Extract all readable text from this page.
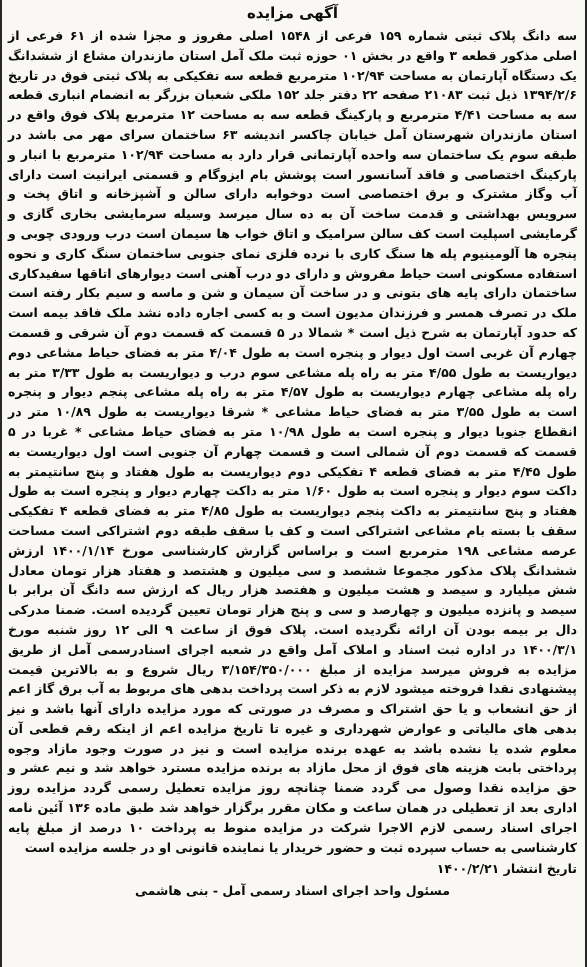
آگهی مزایده

سه دانگ پلاک ثبتی شماره ۱۵۹ فرعی از ۱۵۴۸ اصلی مفروز و مجزا شده از ۶۱ فرعی از اصلی مذکور قطعه ۳ واقع در بخش ۰۱ حوزه ثبت ملک آمل استان مازندران مشاع از ششدانگ یک دستگاه آپارتمان به مساحت ۱۰۲/۹۴ مترمربع قطعه سه تفکیکی به پلاک ثبتی فوق در تاریخ ۱۳۹۴/۲/۶ ذیل ثبت ۲۱۰۸۳ صفحه ۲۲ دفتر جلد ۱۵۲ ملکی شعبان بزرگر به انضمام انباری قطعه سه به مساحت ۴/۴۱ مترمربع و پارکینگ قطعه سه به مساحت ۱۲ مترمربع پلاک فوق واقع در استان مازندران شهرستان آمل خیابان چاکسر اندیشه ۶۳ ساختمان سرای مهر می باشد در طبقه سوم یک ساختمان سه واحده آپارتمانی قرار دارد به مساحت ۱۰۲/۹۴ مترمربع با انبار و پارکینگ اختصاصی و فاقد آسانسور است پوشش بام ایزوگام و قسمتی ایرانیت است دارای آب وگاز مشترک و برق اختصاصی است دوخوابه دارای سالن و آشپزخانه و اتاق پخت و سرویس بهداشتی و قدمت ساخت آن به ده سال میرسد وسیله سرمایشی بخاری گازی و گرمایشی اسپلیت است کف سالن سرامیک و اتاق خواب ها سیمان است درب ورودی چوبی و پنجره ها آلومینیوم پله ها سنگ کاری با نرده فلزی نمای جنوبی ساختمان سنگ کاری و نحوه استفاده مسکونی است حیاط مفروش و دارای دو درب آهنی است دیوارهای اتاقها سفیدکاری ساختمان دارای پایه های بتونی و در ساخت آن سیمان و شن و ماسه و سیم بکار رفته است ملک در تصرف همسر و فرزندان مدیون است و به کسی اجاره داده نشد ملک فاقد بیمه است که حدود آپارتمان به شرح ذیل است * شمالا در ۵ قسمت که قسمت دوم آن شرقی و قسمت چهارم آن غربی است اول دیوار و پنجره است به طول ۴/۰۴ متر به فضای حیاط مشاعی دوم دیواریست به طول ۴/۵۵ متر به راه پله مشاعی سوم درب و دیواریست به طول ۳/۳۳ متر به راه پله مشاعی چهارم دیواریست به طول ۴/۵۷ متر به راه پله مشاعی پنجم دیوار و پنجره است به طول ۳/۵۵ متر به فضای حیاط مشاعی * شرقا دیواریست به طول ۱۰/۸۹ متر در انقطاع جنوبا دیوار و پنجره است به طول ۱۰/۹۸ متر به فضای حیاط مشاعی * غربا در ۵ قسمت که قسمت دوم آن شمالی است و قسمت چهارم آن جنوبی است اول دیواریست به طول ۴/۴۵ متر به فضای قطعه ۴ تفکیکی دوم دیواریست به طول هفتاد و پنج سانتیمتر به داکت سوم دیوار و پنجره است به طول ۱/۶۰ متر به داکت چهارم دیوار و پنجره است به طول هفتاد و پنج سانتیمتر به داکت پنجم دیواریست به طول ۴/۸۵ متر به فضای قطعه ۴ تفکیکی سقف با بسته بام مشاعی اشتراکی است و کف با سقف طبقه دوم اشتراکی است مساحت عرصه مشاعی ۱۹۸ مترمربع است و براساس گزارش کارشناسی مورخ ۱۴۰۰/۱/۱۴ ارزش ششدانگ پلاک مذکور مجموعا ششصد و سی میلیون و هشتصد و هفتاد هزار تومان معادل شش میلیارد و سیصد و هشت میلیون و هفتصد هزار ریال که ارزش سه دانگ آن برابر با سیصد و پانزده میلیون و چهارصد و سی و پنج هزار تومان تعیین گردیده است. ضمنا مدرکی دال بر بیمه بودن آن ارائه نگردیده است. پلاک فوق از ساعت ۹ الی ۱۲ روز شنبه مورخ ۱۴۰۰/۳/۱ در اداره ثبت اسناد و املاک آمل واقع در شعبه اجرای اسنادرسمی آمل از طریق مزایده به فروش میرسد مزایده از مبلغ ۳/۱۵۴/۳۵۰/۰۰۰ ریال شروع و به بالاترین قیمت پیشنهادی نقدا فروخته میشود لازم به ذکر است پرداخت بدهی های مربوط به آب برق گاز اعم از حق انشعاب و یا حق اشتراک و مصرف در صورتی که مورد مزایده دارای آنها باشد و نیز بدهی های مالیاتی و عوارض شهرداری و غیره تا تاریخ مزایده اعم از اینکه رقم قطعی آن معلوم شده یا نشده باشد به عهده برنده مزایده است و نیز در صورت وجود مازاد وجوه پرداختی بابت هزینه های فوق از محل مازاد به برنده مزایده مسترد خواهد شد و نیم عشر و حق مزایده نقدا وصول می گردد ضمنا چنانچه روز مزایده تعطیل رسمی گردد مزایده روز اداری بعد از تعطیلی در همان ساعت و مکان مقرر برگزار خواهد شد طبق ماده ۱۳۶ آئین نامه اجرای اسناد رسمی لازم الاجرا شرکت در مزایده منوط به پرداخت ۱۰ درصد از مبلغ پایه کارشناسی به حساب سپرده ثبت و حضور خریدار یا نماینده قانونی او در جلسه مزایده است

تاریخ انتشار ۱۴۰۰/۲/۲۱
مسئول واحد اجرای اسناد رسمی آمل - بنی هاشمی
